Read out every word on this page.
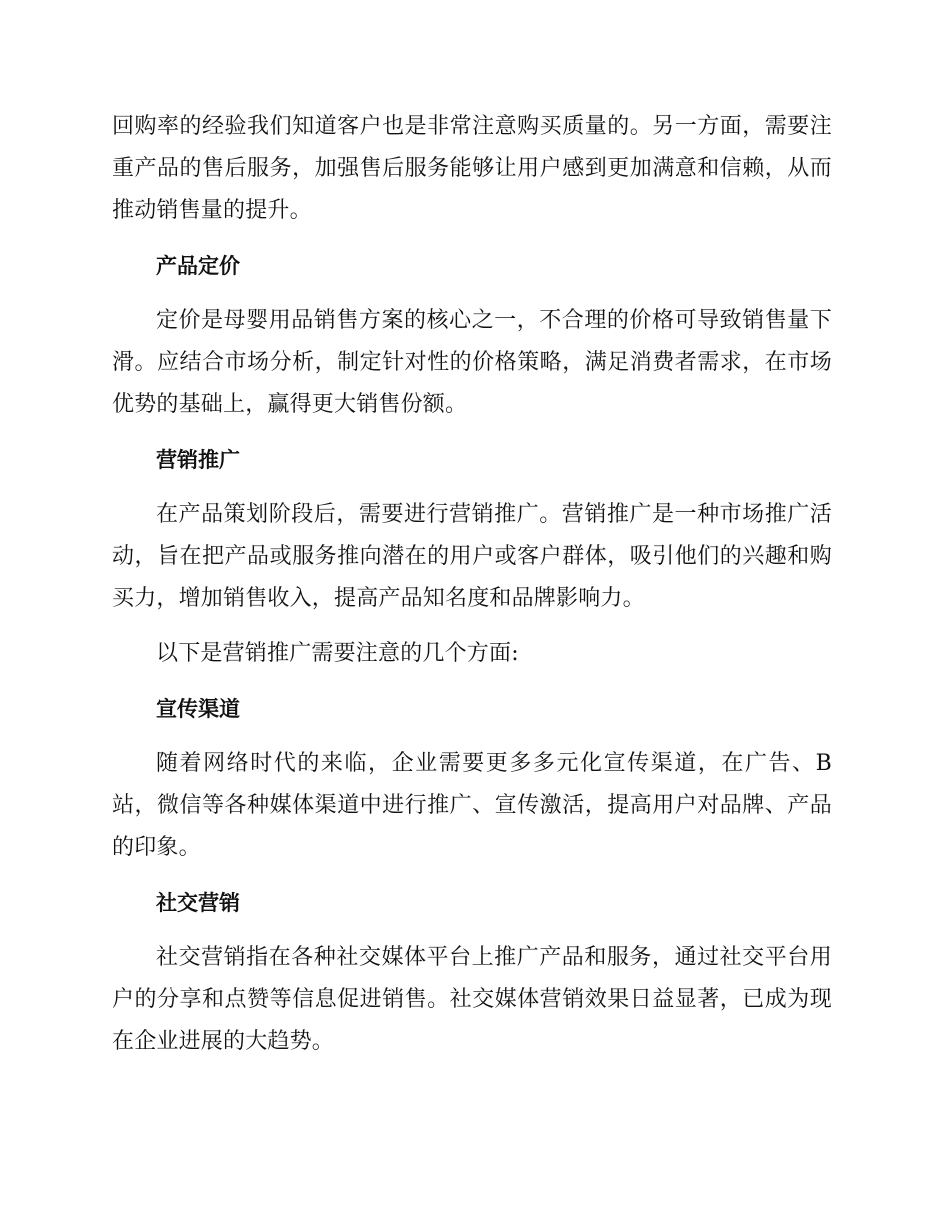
回购率的经验我们知道客户也是非常注意购买质量的。另一方面，需要注重产品的售后服务，加强售后服务能够让用户感到更加满意和信赖，从而推动销售量的提升。

产品定价

定价是母婴用品销售方案的核心之一，不合理的价格可导致销售量下滑。应结合市场分析，制定针对性的价格策略，满足消费者需求，在市场优势的基础上，赢得更大销售份额。

营销推广

在产品策划阶段后，需要进行营销推广。营销推广是一种市场推广活动，旨在把产品或服务推向潜在的用户或客户群体，吸引他们的兴趣和购买力，增加销售收入，提高产品知名度和品牌影响力。

以下是营销推广需要注意的几个方面:

宣传渠道

随着网络时代的来临，企业需要更多多元化宣传渠道，在广告、B站，微信等各种媒体渠道中进行推广、宣传激活，提高用户对品牌、产品的印象。

社交营销

社交营销指在各种社交媒体平台上推广产品和服务，通过社交平台用户的分享和点赞等信息促进销售。社交媒体营销效果日益显著，已成为现在企业进展的大趋势。
